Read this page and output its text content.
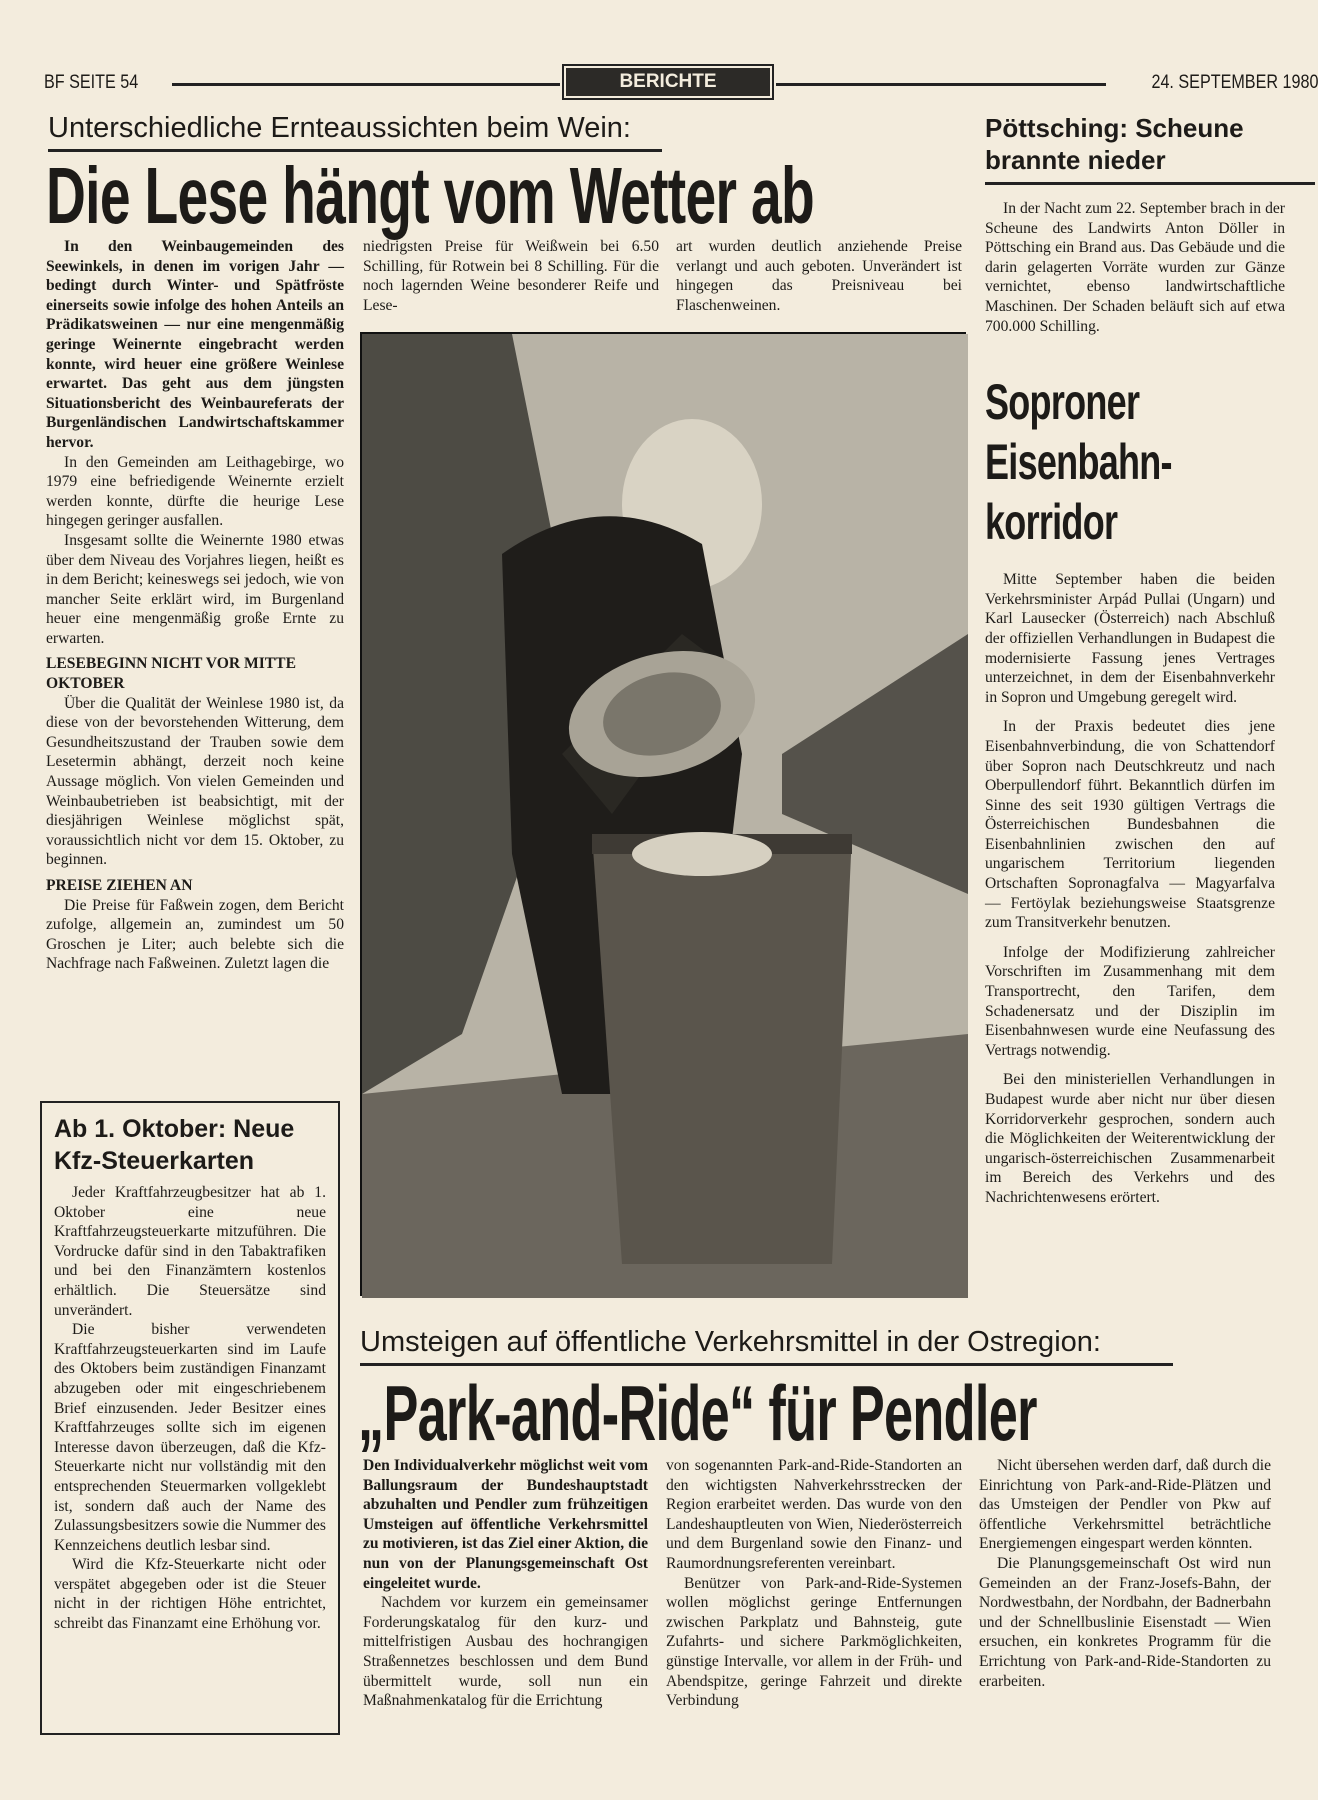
BF SEITE 54	BERICHTE	24. SEPTEMBER 1980
Unterschiedliche Ernteaussichten beim Wein:
Die Lese hängt vom Wetter ab

In den Weinbaugemeinden des Seewinkels, in denen im vorigen Jahr — bedingt durch Winter- und Spätfröste einerseits sowie infolge des hohen Anteils an Prädikatsweinen — nur eine mengenmäßig geringe Weinernte eingebracht werden konnte, wird heuer eine größere Weinlese erwartet. Das geht aus dem jüngsten Situationsbericht des Weinbaureferats der Burgenländischen Landwirtschaftskammer hervor.

In den Gemeinden am Leithagebirge, wo 1979 eine befriedigende Weinernte erzielt werden konnte, dürfte die heurige Lese hingegen geringer ausfallen.

Insgesamt sollte die Weinernte 1980 etwas über dem Niveau des Vorjahres liegen, heißt es in dem Bericht; keineswegs sei jedoch, wie von mancher Seite erklärt wird, im Burgenland heuer eine mengenmäßig große Ernte zu erwarten.

LESEBEGINN NICHT VOR MITTE OKTOBER

Über die Qualität der Weinlese 1980 ist, da diese von der bevorstehenden Witterung, dem Gesundheitszustand der Trauben sowie dem Lesetermin abhängt, derzeit noch keine Aussage möglich. Von vielen Gemeinden und Weinbaubetrieben ist beabsichtigt, mit der diesjährigen Weinlese möglichst spät, voraussichtlich nicht vor dem 15. Oktober, zu beginnen.

PREISE ZIEHEN AN

Die Preise für Faßwein zogen, dem Bericht zufolge, allgemein an, zumindest um 50 Groschen je Liter; auch belebte sich die Nachfrage nach Faßweinen. Zuletzt lagen die

niedrigsten Preise für Weißwein bei 6.50 Schilling, für Rotwein bei 8 Schilling. Für die noch lagernden Weine besonderer Reife und Lese-

art wurden deutlich anziehende Preise verlangt und auch geboten. Unverändert ist hingegen das Preisniveau bei Flaschenweinen.

Ab 1. Oktober: Neue Kfz-Steuerkarten

Jeder Kraftfahrzeugbesitzer hat ab 1. Oktober eine neue Kraftfahrzeugsteuerkarte mitzuführen. Die Vordrucke dafür sind in den Tabaktrafiken und bei den Finanzämtern kostenlos erhältlich. Die Steuersätze sind unverändert.

Die bisher verwendeten Kraftfahrzeugsteuerkarten sind im Laufe des Oktobers beim zuständigen Finanzamt abzugeben oder mit eingeschriebenem Brief einzusenden. Jeder Besitzer eines Kraftfahrzeuges sollte sich im eigenen Interesse davon überzeugen, daß die Kfz-Steuerkarte nicht nur vollständig mit den entsprechenden Steuermarken vollgeklebt ist, sondern daß auch der Name des Zulassungsbesitzers sowie die Nummer des Kennzeichens deutlich lesbar sind.

Wird die Kfz-Steuerkarte nicht oder verspätet abgegeben oder ist die Steuer nicht in der richtigen Höhe entrichtet, schreibt das Finanzamt eine Erhöhung vor.

Pöttsching: Scheune brannte nieder

In der Nacht zum 22. September brach in der Scheune des Landwirts Anton Döller in Pöttsching ein Brand aus. Das Gebäude und die darin gelagerten Vorräte wurden zur Gänze vernichtet, ebenso landwirtschaftliche Maschinen. Der Schaden beläuft sich auf etwa 700.000 Schilling.

Soproner
Eisenbahn-
korridor

Mitte September haben die beiden Verkehrsminister Arpád Pullai (Ungarn) und Karl Lausecker (Österreich) nach Abschluß der offiziellen Verhandlungen in Budapest die modernisierte Fassung jenes Vertrages unterzeichnet, in dem der Eisenbahnverkehr in Sopron und Umgebung geregelt wird.

In der Praxis bedeutet dies jene Eisenbahnverbindung, die von Schattendorf über Sopron nach Deutschkreutz und nach Oberpullendorf führt. Bekanntlich dürfen im Sinne des seit 1930 gültigen Vertrags die Österreichischen Bundesbahnen die Eisenbahnlinien zwischen den auf ungarischem Territorium liegenden Ortschaften Sopronagfalva — Magyarfalva — Fertöylak beziehungsweise Staatsgrenze zum Transitverkehr benutzen.

Infolge der Modifizierung zahlreicher Vorschriften im Zusammenhang mit dem Transportrecht, den Tarifen, dem Schadenersatz und der Disziplin im Eisenbahnwesen wurde eine Neufassung des Vertrags notwendig.

Bei den ministeriellen Verhandlungen in Budapest wurde aber nicht nur über diesen Korridorverkehr gesprochen, sondern auch die Möglichkeiten der Weiterentwicklung der ungarisch-österreichischen Zusammenarbeit im Bereich des Verkehrs und des Nachrichtenwesens erörtert.

Umsteigen auf öffentliche Verkehrsmittel in der Ostregion:
„Park-and-Ride“ für Pendler

Den Individualverkehr möglichst weit vom Ballungsraum der Bundeshauptstadt abzuhalten und Pendler zum frühzeitigen Umsteigen auf öffentliche Verkehrsmittel zu motivieren, ist das Ziel einer Aktion, die nun von der Planungsgemeinschaft Ost eingeleitet wurde.

Nachdem vor kurzem ein gemeinsamer Forderungskatalog für den kurz- und mittelfristigen Ausbau des hochrangigen Straßennetzes beschlossen und dem Bund übermittelt wurde, soll nun ein Maßnahmenkatalog für die Errichtung

von sogenannten Park-and-Ride-Standorten an den wichtigsten Nahverkehrsstrecken der Region erarbeitet werden. Das wurde von den Landeshauptleuten von Wien, Niederösterreich und dem Burgenland sowie den Finanz- und Raumordnungsreferenten vereinbart.

Benützer von Park-and-Ride-Systemen wollen möglichst geringe Entfernungen zwischen Parkplatz und Bahnsteig, gute Zufahrts- und sichere Parkmöglichkeiten, günstige Intervalle, vor allem in der Früh- und Abendspitze, geringe Fahrzeit und direkte Verbindung

Nicht übersehen werden darf, daß durch die Einrichtung von Park-and-Ride-Plätzen und das Umsteigen der Pendler von Pkw auf öffentliche Verkehrsmittel beträchtliche Energiemengen eingespart werden könnten.

Die Planungsgemeinschaft Ost wird nun Gemeinden an der Franz-Josefs-Bahn, der Nordwestbahn, der Nordbahn, der Badnerbahn und der Schnellbuslinie Eisenstadt — Wien ersuchen, ein konkretes Programm für die Errichtung von Park-and-Ride-Standorten zu erarbeiten.
